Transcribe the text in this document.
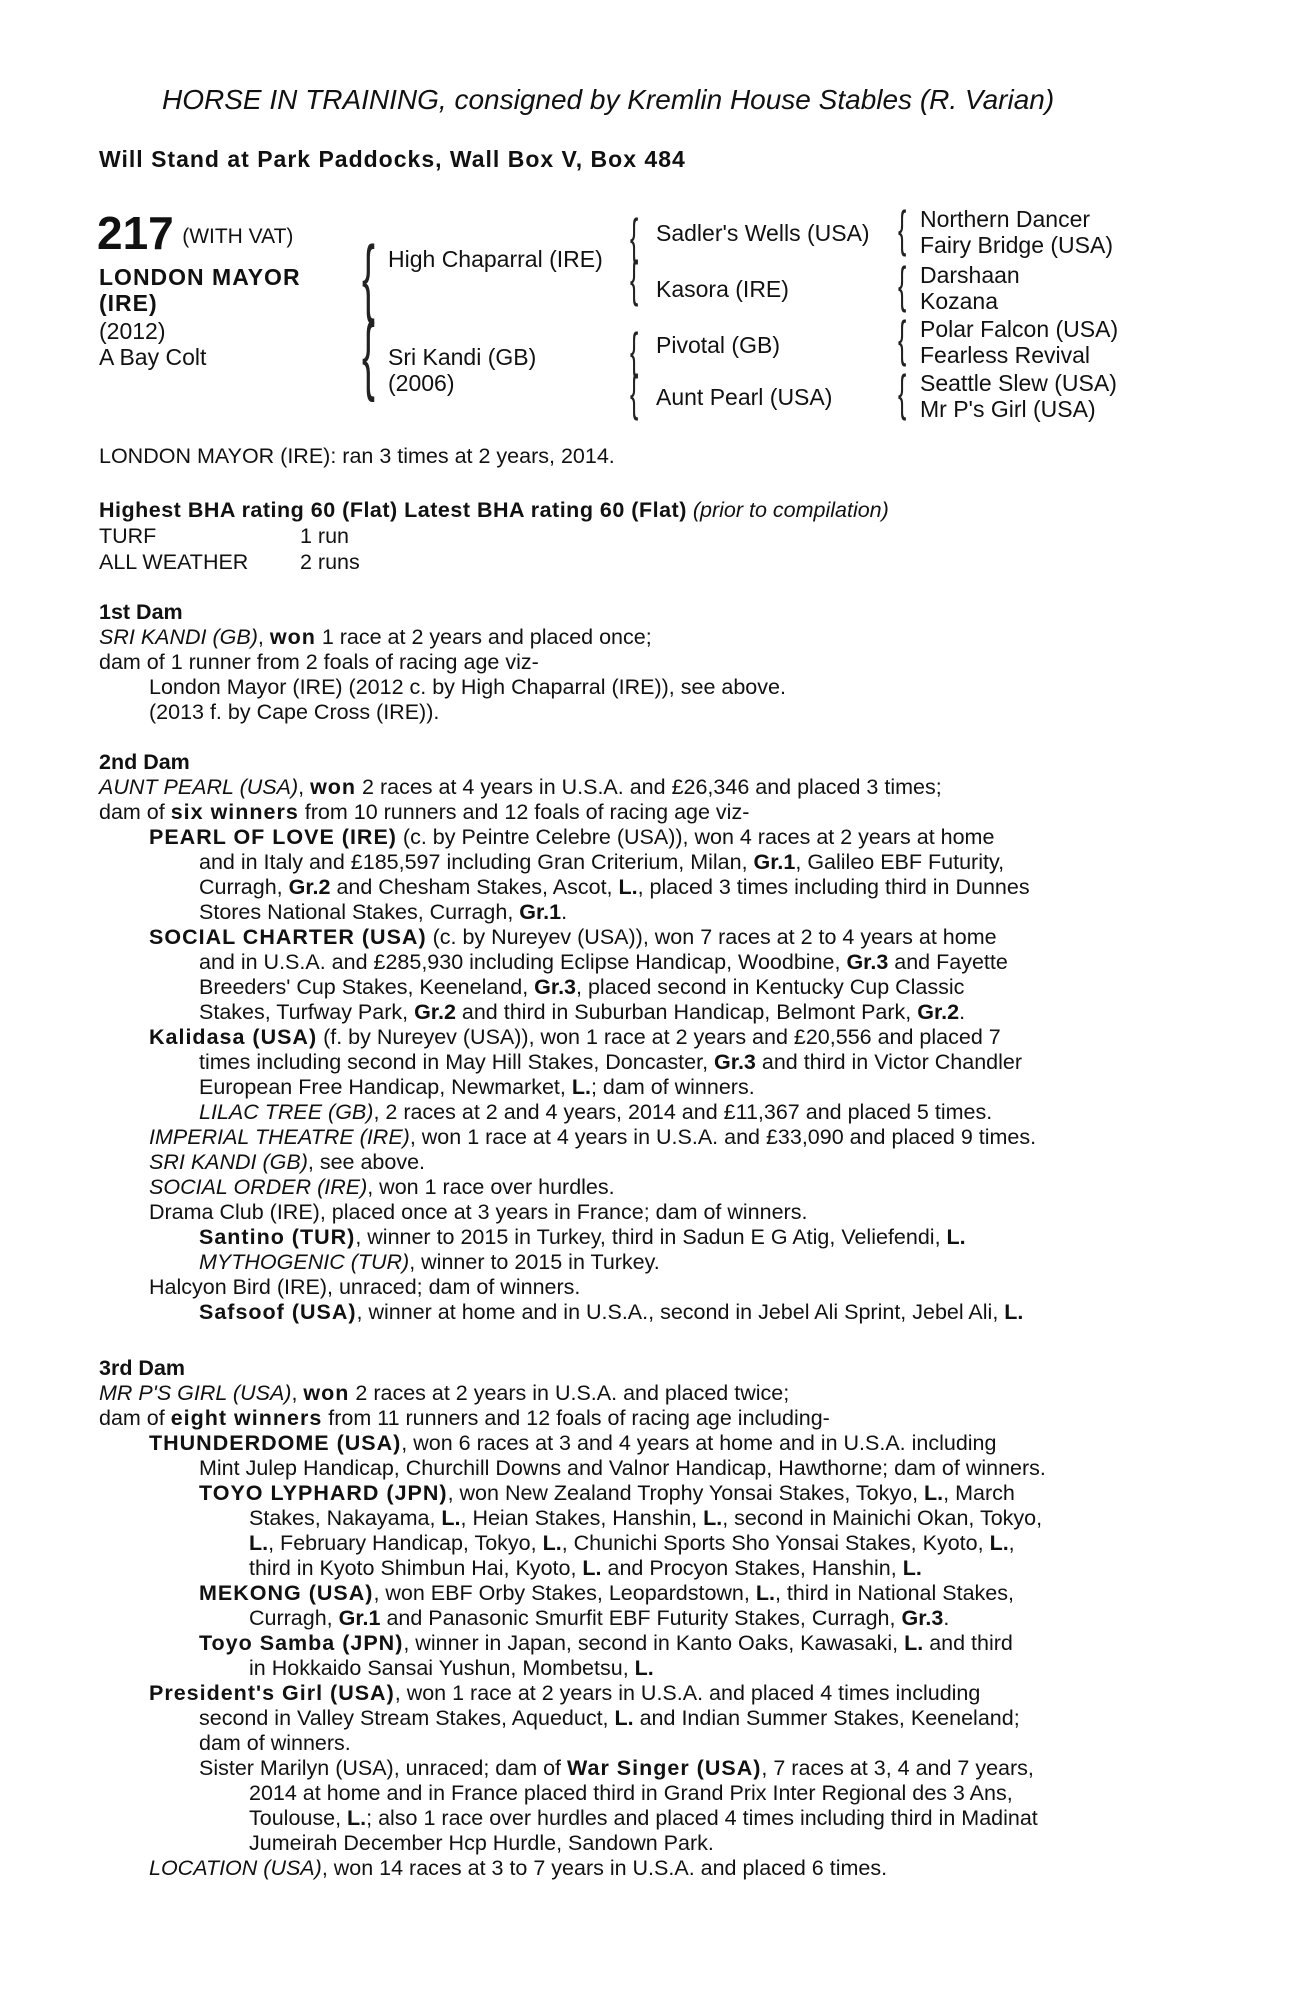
HORSE IN TRAINING, consigned by Kremlin House Stables (R. Varian)
Will Stand at Park Paddocks, Wall Box V, Box 484
217 (WITH VAT)
LONDON MAYOR
(IRE)
(2012)
A Bay Colt
{
{
High Chaparral (IRE)
Sri Kandi (GB)
(2006)
{
{
{
{
Sadler's Wells (USA)
Kasora (IRE)
Pivotal (GB)
Aunt Pearl (USA)
{
{
{
{
Northern Dancer
Fairy Bridge (USA)
Darshaan
Kozana
Polar Falcon (USA)
Fearless Revival
Seattle Slew (USA)
Mr P's Girl (USA)
LONDON MAYOR (IRE): ran 3 times at 2 years, 2014.
Highest BHA rating 60 (Flat) Latest BHA rating 60 (Flat) (prior to compilation)
TURF	1 run
ALL WEATHER 2 runs
1st Dam
SRI KANDI (GB), won 1 race at 2 years and placed once;
dam of 1 runner from 2 foals of racing age viz-
London Mayor (IRE) (2012 c. by High Chaparral (IRE)), see above.
(2013 f. by Cape Cross (IRE)).
2nd Dam
AUNT PEARL (USA), won 2 races at 4 years in U.S.A. and £26,346 and placed 3 times;
dam of six winners from 10 runners and 12 foals of racing age viz-
PEARL OF LOVE (IRE) (c. by Peintre Celebre (USA)), won 4 races at 2 years at home
and in Italy and £185,597 including Gran Criterium, Milan, Gr.1, Galileo EBF Futurity,
Curragh, Gr.2 and Chesham Stakes, Ascot, L., placed 3 times including third in Dunnes
Stores National Stakes, Curragh, Gr.1.
SOCIAL CHARTER (USA) (c. by Nureyev (USA)), won 7 races at 2 to 4 years at home
and in U.S.A. and £285,930 including Eclipse Handicap, Woodbine, Gr.3 and Fayette
Breeders' Cup Stakes, Keeneland, Gr.3, placed second in Kentucky Cup Classic
Stakes, Turfway Park, Gr.2 and third in Suburban Handicap, Belmont Park, Gr.2.
Kalidasa (USA) (f. by Nureyev (USA)), won 1 race at 2 years and £20,556 and placed 7
times including second in May Hill Stakes, Doncaster, Gr.3 and third in Victor Chandler
European Free Handicap, Newmarket, L.; dam of winners.
LILAC TREE (GB), 2 races at 2 and 4 years, 2014 and £11,367 and placed 5 times.
IMPERIAL THEATRE (IRE), won 1 race at 4 years in U.S.A. and £33,090 and placed 9 times.
SRI KANDI (GB), see above.
SOCIAL ORDER (IRE), won 1 race over hurdles.
Drama Club (IRE), placed once at 3 years in France; dam of winners.
Santino (TUR), winner to 2015 in Turkey, third in Sadun E G Atig, Veliefendi, L.
MYTHOGENIC (TUR), winner to 2015 in Turkey.
Halcyon Bird (IRE), unraced; dam of winners.
Safsoof (USA), winner at home and in U.S.A., second in Jebel Ali Sprint, Jebel Ali, L.
3rd Dam
MR P'S GIRL (USA), won 2 races at 2 years in U.S.A. and placed twice;
dam of eight winners from 11 runners and 12 foals of racing age including-
THUNDERDOME (USA), won 6 races at 3 and 4 years at home and in U.S.A. including
Mint Julep Handicap, Churchill Downs and Valnor Handicap, Hawthorne; dam of winners.
TOYO LYPHARD (JPN), won New Zealand Trophy Yonsai Stakes, Tokyo, L., March
Stakes, Nakayama, L., Heian Stakes, Hanshin, L., second in Mainichi Okan, Tokyo,
L., February Handicap, Tokyo, L., Chunichi Sports Sho Yonsai Stakes, Kyoto, L.,
third in Kyoto Shimbun Hai, Kyoto, L. and Procyon Stakes, Hanshin, L.
MEKONG (USA), won EBF Orby Stakes, Leopardstown, L., third in National Stakes,
Curragh, Gr.1 and Panasonic Smurfit EBF Futurity Stakes, Curragh, Gr.3.
Toyo Samba (JPN), winner in Japan, second in Kanto Oaks, Kawasaki, L. and third
in Hokkaido Sansai Yushun, Mombetsu, L.
President's Girl (USA), won 1 race at 2 years in U.S.A. and placed 4 times including
second in Valley Stream Stakes, Aqueduct, L. and Indian Summer Stakes, Keeneland;
dam of winners.
Sister Marilyn (USA), unraced; dam of War Singer (USA), 7 races at 3, 4 and 7 years,
2014 at home and in France placed third in Grand Prix Inter Regional des 3 Ans,
Toulouse, L.; also 1 race over hurdles and placed 4 times including third in Madinat
Jumeirah December Hcp Hurdle, Sandown Park.
LOCATION (USA), won 14 races at 3 to 7 years in U.S.A. and placed 6 times.
